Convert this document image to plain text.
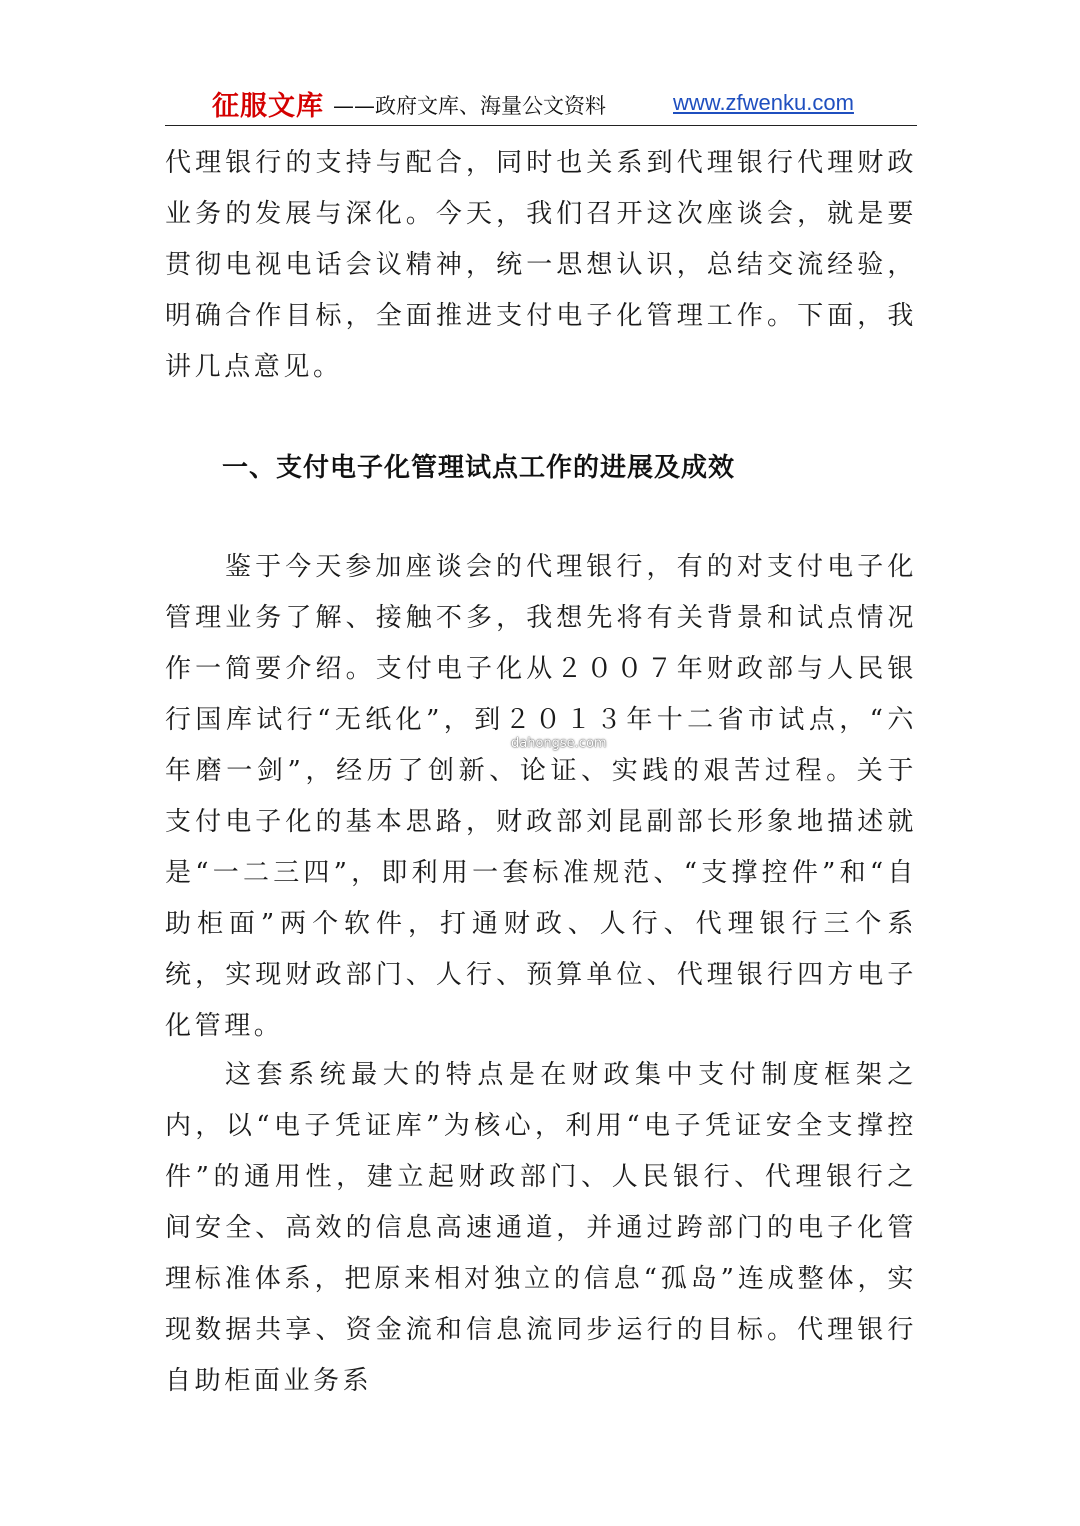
征服文库 ——政府文库、海量公文资料	www.zfwenku.com

代理银行的支持与配合，同时也关系到代理银行代理财政业务的发展与深化。今天，我们召开这次座谈会，就是要贯彻电视电话会议精神，统一思想认识，总结交流经验，明确合作目标，全面推进支付电子化管理工作。下面，我讲几点意见。

一、支付电子化管理试点工作的进展及成效

鉴于今天参加座谈会的代理银行，有的对支付电子化管理业务了解、接触不多，我想先将有关背景和试点情况作一简要介绍。支付电子化从２００７年财政部与人民银行国库试行“无纸化”，到２０１３年十二省市试点，“六年磨一剑”，经历了创新、论证、实践的艰苦过程。关于支付电子化的基本思路，财政部刘昆副部长形象地描述就是“一二三四”，即利用一套标准规范、“支撑控件”和“自助柜面”两个软件，打通财政、人行、代理银行三个系统，实现财政部门、人行、预算单位、代理银行四方电子化管理。

这套系统最大的特点是在财政集中支付制度框架之内，以“电子凭证库”为核心，利用“电子凭证安全支撑控件”的通用性，建立起财政部门、人民银行、代理银行之间安全、高效的信息高速通道，并通过跨部门的电子化管理标准体系，把原来相对独立的信息“孤岛”连成整体，实现数据共享、资金流和信息流同步运行的目标。代理银行自助柜面业务系

dahongse.com
